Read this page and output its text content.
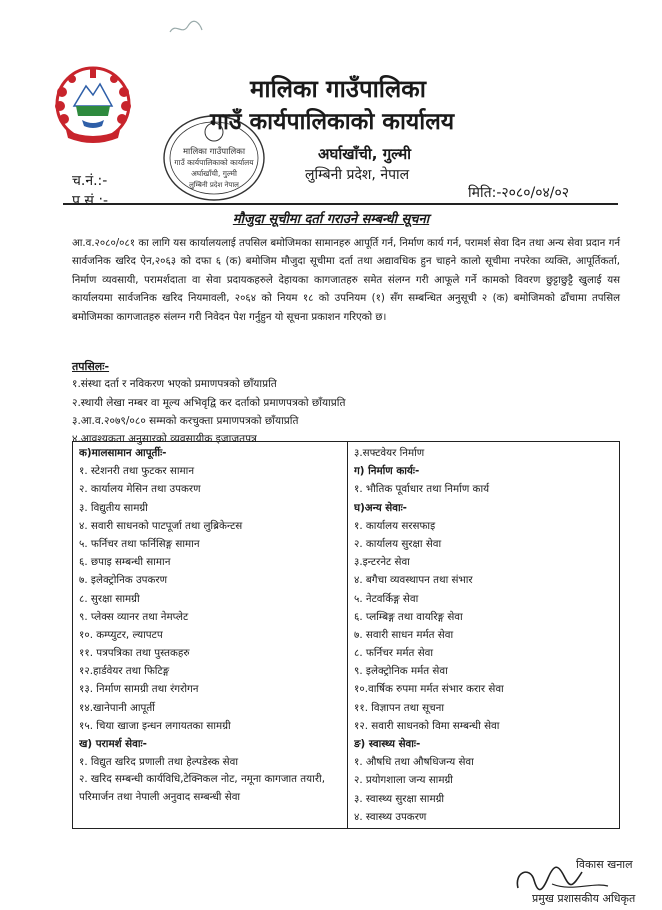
मालिका गाउँपालिका
गाउँ कार्यपालिकाको कार्यालय
अर्घाखाँची, गुल्मी
लुम्बिनी प्रदेश नेपाल
मालिका गाउँपालिका
गाउँ कार्यपालिकाको कार्यालय
अर्घाखाँची, गुल्मी
लुम्बिनी प्रदेश, नेपाल
च.नं.:-
प.सं.:-	मिति:-२०८०/०४/०२
मौजुदा सूचीमा दर्ता गराउने सम्बन्धी सूचना
आ.व.२०८०/०८१ का लागि यस कार्यालयलाई तपसिल बमोजिमका सामानहरु आपूर्ति गर्न, निर्माण कार्य गर्न, परामर्श सेवा दिन तथा अन्य सेवा प्रदान गर्न सार्वजनिक खरिद ऐन,२०६३ को दफा ६ (क) बमोजिम मौजुदा सूचीमा दर्ता तथा अद्यावधिक हुन चाहने कालो सूचीमा नपरेका व्यक्ति, आपूर्तिकर्ता, निर्माण व्यवसायी, परामर्शदाता वा सेवा प्रदायकहरुले देहायका कागजातहरु समेत संलग्न गरी आफूले गर्ने कामको विवरण छुट्टाछुट्टै खुलाई यस कार्यालयमा सार्वजनिक खरिद नियमावली, २०६४ को नियम १८ को उपनियम (१) सँग सम्बन्धित अनुसूची २ (क) बमोजिमको ढाँचामा तपसिल बमोजिमका कागजातहरु संलग्न गरी निवेदन पेश गर्नुहुन यो सूचना प्रकाशन गरिएको छ।
तपसिलः-
१.संस्था दर्ता र नविकरण भएको प्रमाणपत्रको छाँयाप्रति
२.स्थायी लेखा नम्बर वा मूल्य अभिवृद्वि कर दर्ताको प्रमाणपत्रको छाँयाप्रति
३.आ.व.२०७९/०८० सम्मको करचुक्ता प्रमाणपत्रको छाँयाप्रति
४.आवश्यकता अनुसारको व्यवसायीक इजाजतपत्र
क)मालसामान आपूर्तीः-
१. स्टेशनरी तथा फुटकर सामान
२. कार्यालय मेसिन तथा उपकरण
३. विद्युतीय सामग्री
४. सवारी साधनको पाटपूर्जा तथा लुब्रिकेन्टस
५. फर्निचर तथा फर्निसिङ्ग सामान
६. छपाइ सम्बन्धी सामान
७. इलेक्ट्रोनिक उपकरण
८. सुरक्षा सामग्री
९. प्लेक्स व्यानर तथा नेमप्लेट
१०. कम्प्युटर, ल्यापटप
११. पत्रपत्रिका तथा पुस्तकहरु
१२.हार्डवेयर तथा फिटिङ्ग
१३. निर्माण सामग्री तथा रंगरोगन
१४.खानेपानी आपूर्ती
१५. चिया खाजा इन्धन लगायतका सामग्री
ख) परामर्श सेवाः-
१. विद्युत खरिद प्रणाली तथा हेल्पडेस्क सेवा
२. खरिद सम्बन्धी कार्यविधि,टेक्निकल नोट, नमूना कागजात तयारी, परिमार्जन तथा नेपाली अनुवाद सम्बन्धी सेवा

३.सफ्टवेयर निर्माण
ग) निर्माण कार्यः-
१. भौतिक पूर्वाधार तथा निर्माण कार्य
घ)अन्य सेवाः-
१. कार्यालय सरसफाइ
२. कार्यालय सुरक्षा सेवा
३.इन्टरनेट सेवा
४. बगैचा व्यवस्थापन तथा संभार
५. नेटवर्किङ्ग सेवा
६. प्लम्बिङ्ग तथा वायरिङ्ग सेवा
७. सवारी साधन मर्मत सेवा
८. फर्निचर मर्मत सेवा
९. इलेक्ट्रोनिक मर्मत सेवा
१०.वार्षिक रुपमा मर्मत संभार करार सेवा
११. विज्ञापन तथा सूचना
१२. सवारी साधनको विमा सम्बन्धी सेवा
ङ) स्वास्थ्य सेवाः-
१. औषधि तथा औषधिजन्य सेवा
२. प्रयोगशाला जन्य सामग्री
३. स्वास्थ्य सुरक्षा सामग्री
४. स्वास्थ्य उपकरण
विकास खनाल
प्रमुख प्रशासकीय अधिकृत
